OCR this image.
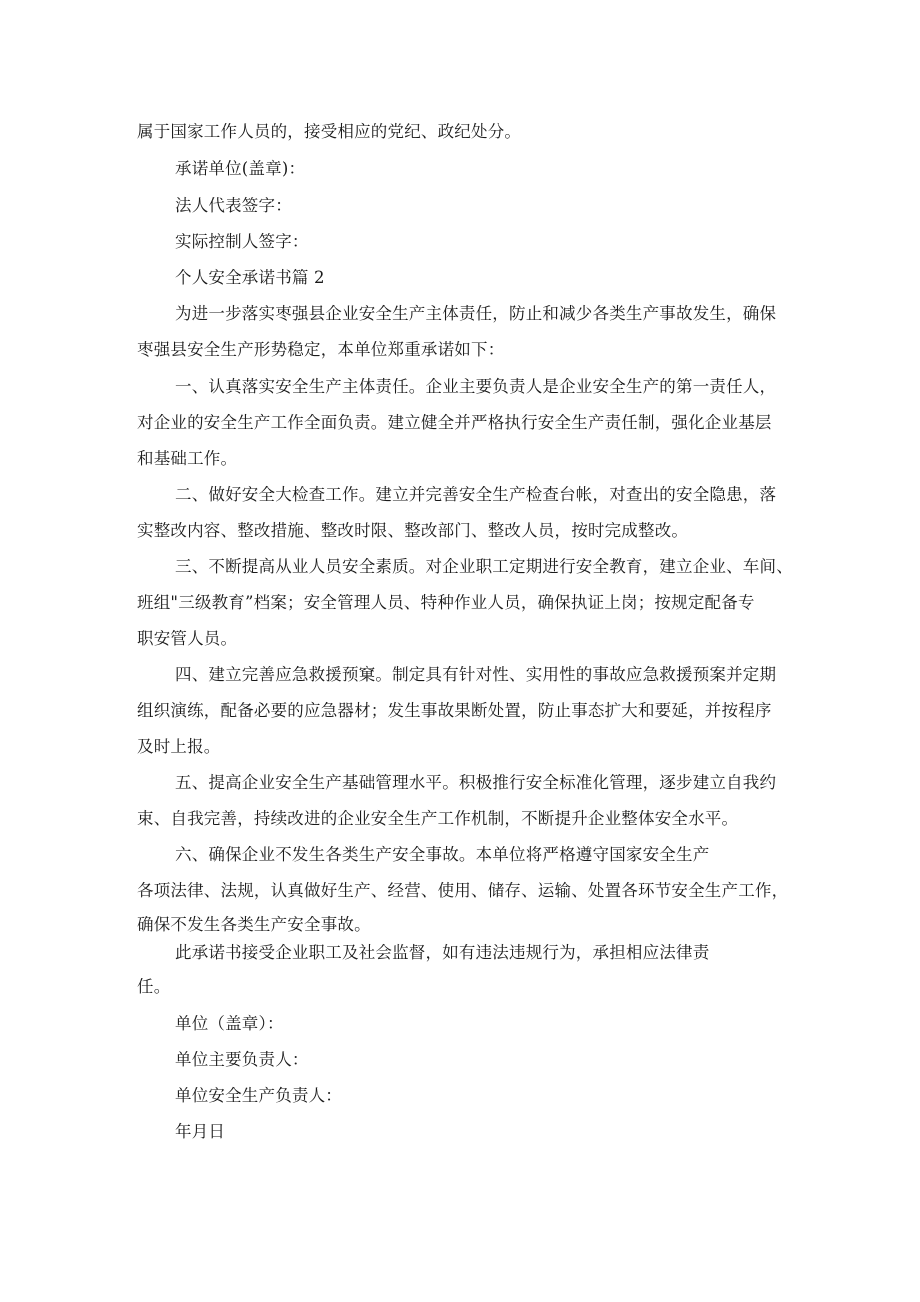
属于国家工作人员的，接受相应的党纪、政纪处分。
承诺单位(盖章)：
法人代表签字：
实际控制人签字：
个人安全承诺书篇 2
为进一步落实枣强县企业安全生产主体责任，防止和减少各类生产事故发生，确保
枣强县安全生产形势稳定，本单位郑重承诺如下：
一、认真落实安全生产主体责任。企业主要负责人是企业安全生产的第一责任人，
对企业的安全生产工作全面负责。建立健全并严格执行安全生产责任制，强化企业基层
和基础工作。
二、做好安全大检查工作。建立并完善安全生产检查台帐，对查出的安全隐患，落
实整改内容、整改措施、整改时限、整改部门、整改人员，按时完成整改。
三、不断提高从业人员安全素质。对企业职工定期进行安全教育，建立企业、车间、
班组"三级教育”档案；安全管理人员、特种作业人员，确保执证上岗；按规定配备专
职安管人员。
四、建立完善应急救援预窠。制定具有针对性、实用性的事故应急救援预案并定期
组织演练，配备必要的应急器材；发生事故果断处置，防止事态扩大和要延，并按程序
及时上报。
五、提高企业安全生产基础管理水平。积极推行安全标准化管理，逐步建立自我约
束、自我完善，持续改进的企业安全生产工作机制，不断提升企业整体安全水平。
六、确保企业不发生各类生产安全事故。本单位将严格遵守国家安全生产
各项法律、法规，认真做好生产、经营、使用、储存、运输、处置各环节安全生产工作，
确保不发生各类生产安全事故。
此承诺书接受企业职工及社会监督，如有违法违规行为，承担相应法律责
任。
单位（盖章）：
单位主要负责人：
单位安全生产负责人：
年月日
